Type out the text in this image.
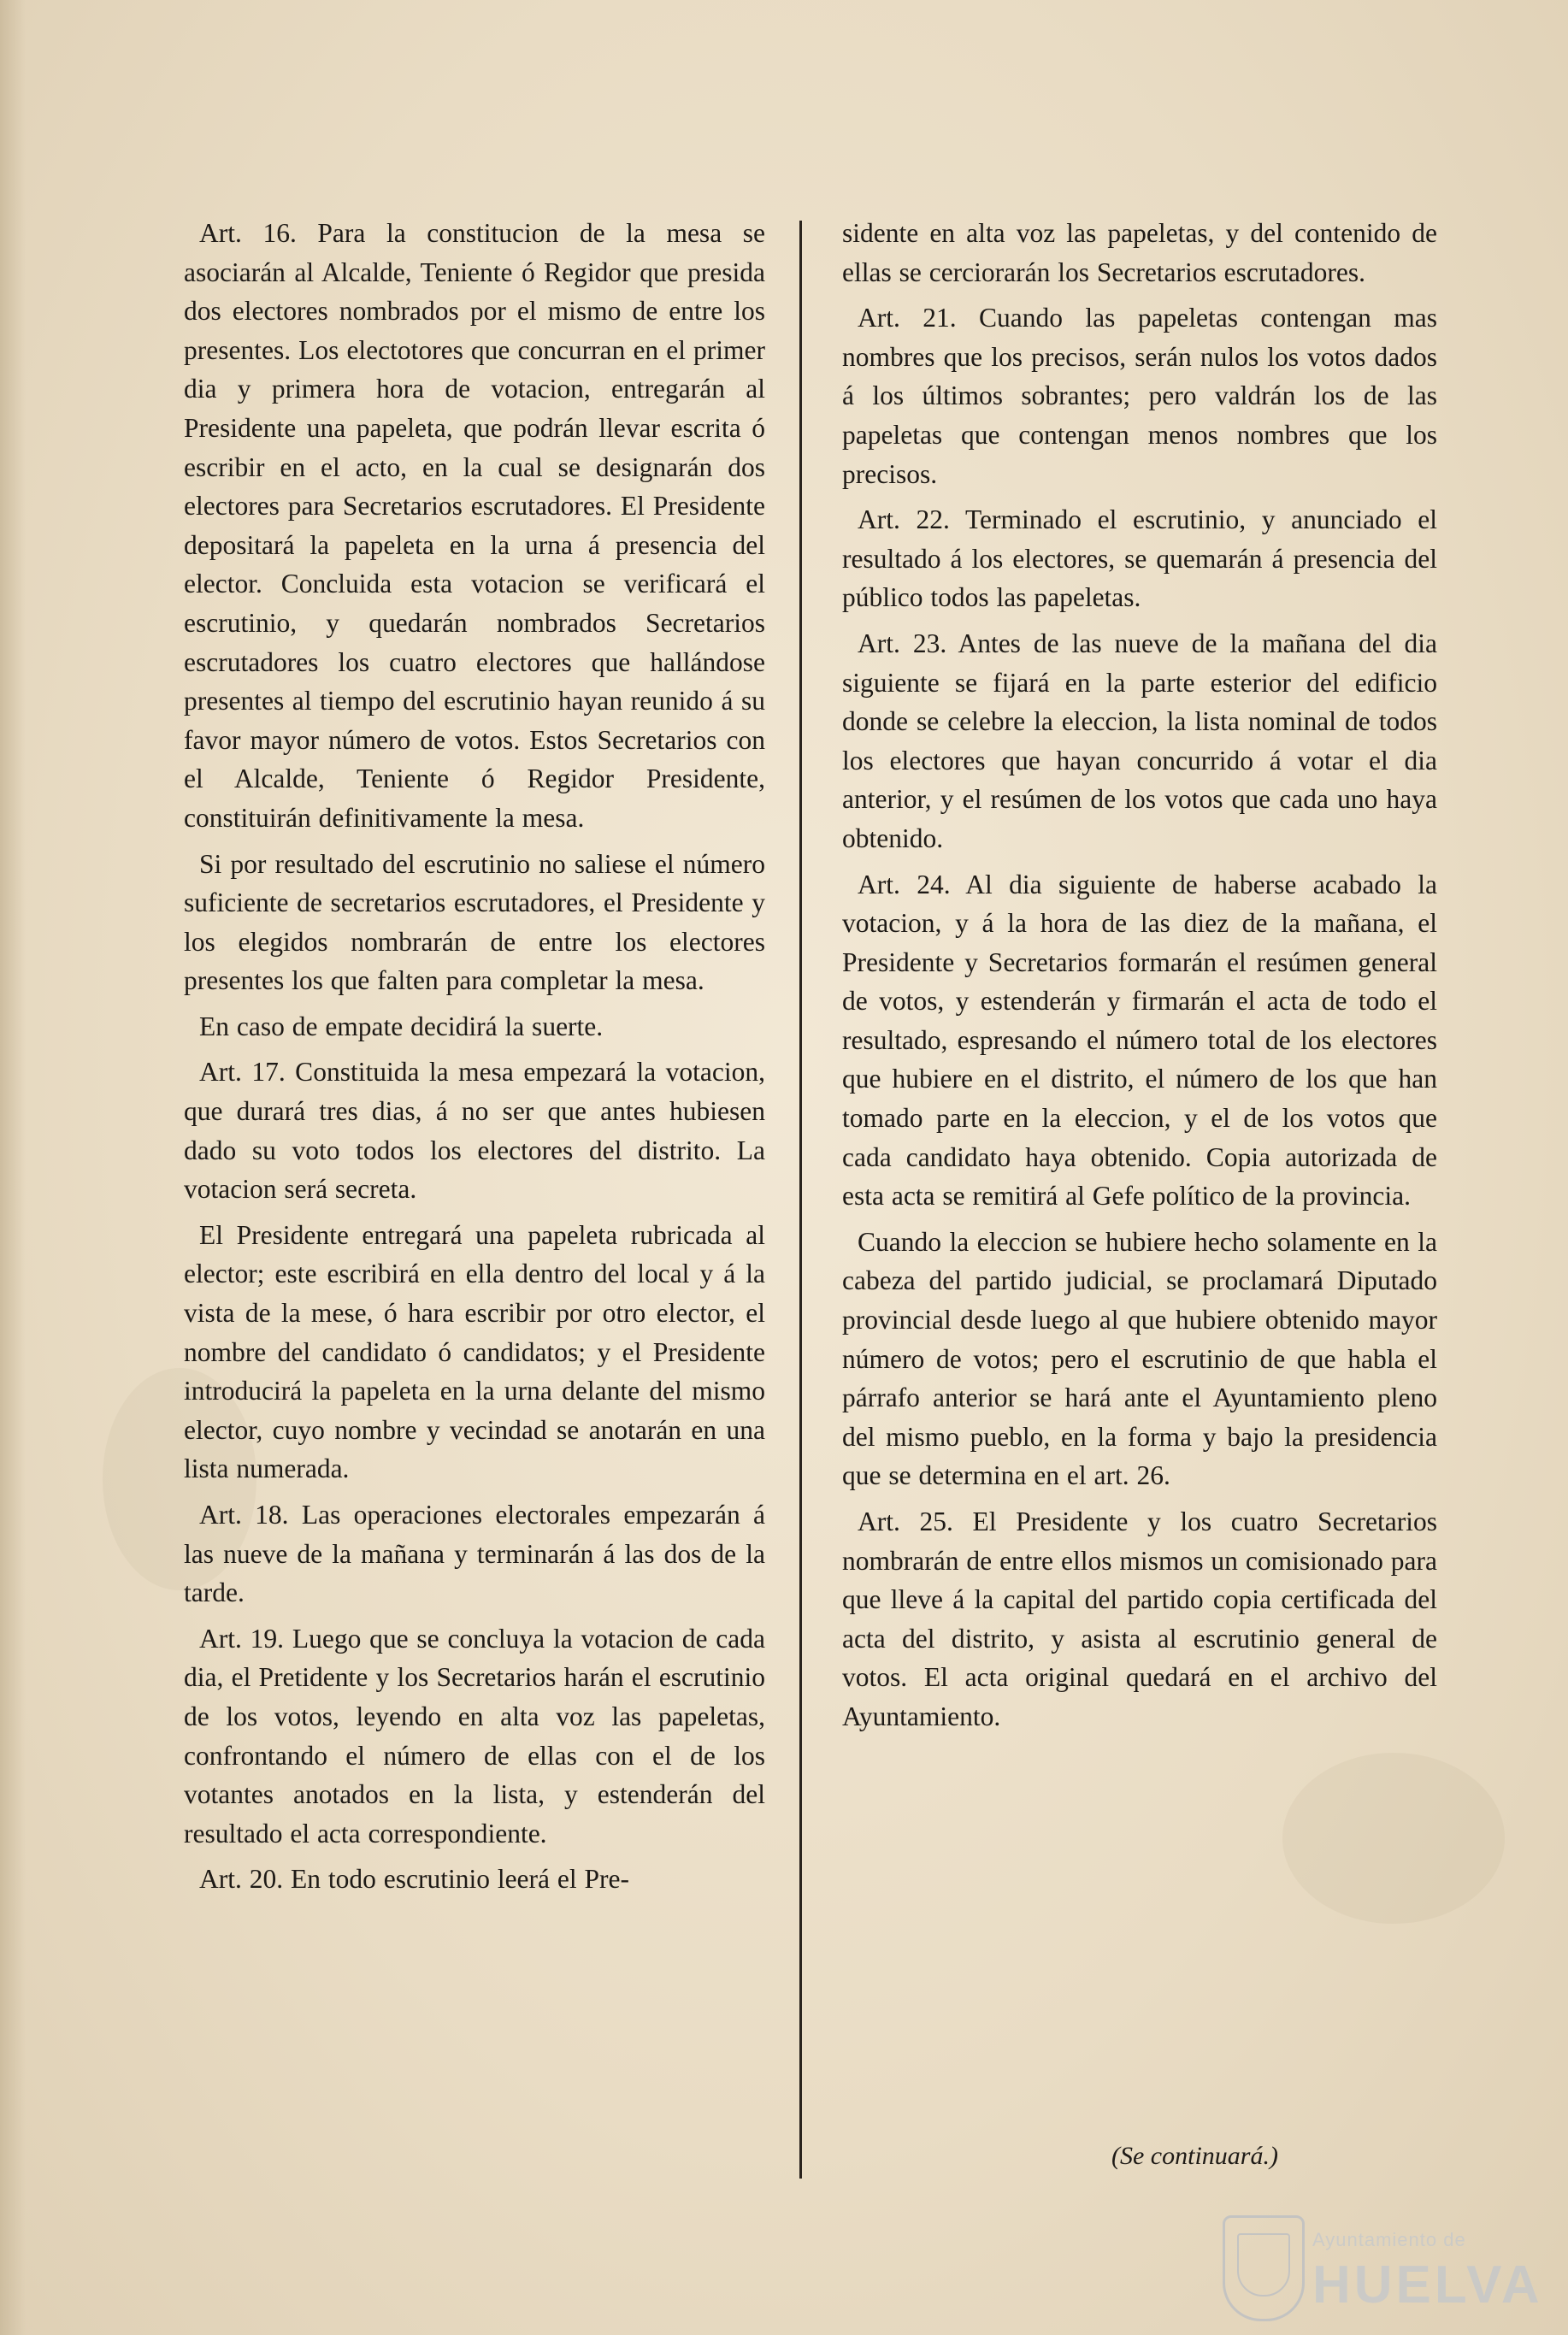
Art. 16. Para la constitucion de la mesa se asociarán al Alcalde, Teniente ó Regidor que presida dos electores nombrados por el mismo de entre los presentes. Los electotores que concurran en el primer dia y primera hora de votacion, entregarán al Presidente una papeleta, que podrán llevar escrita ó escribir en el acto, en la cual se designarán dos electores para Secretarios escrutadores. El Presidente depositará la papeleta en la urna á presencia del elector. Concluida esta votacion se verificará el escrutinio, y quedarán nombrados Secretarios escrutadores los cuatro electores que hallándose presentes al tiempo del escrutinio hayan reunido á su favor mayor número de votos. Estos Secretarios con el Alcalde, Teniente ó Regidor Presidente, constituirán definitivamente la mesa.

Si por resultado del escrutinio no saliese el número suficiente de secretarios escrutadores, el Presidente y los elegidos nombrarán de entre los electores presentes los que falten para completar la mesa.

En caso de empate decidirá la suerte.

Art. 17. Constituida la mesa empezará la votacion, que durará tres dias, á no ser que antes hubiesen dado su voto todos los electores del distrito. La votacion será secreta.

El Presidente entregará una papeleta rubricada al elector; este escribirá en ella dentro del local y á la vista de la mese, ó hara escribir por otro elector, el nombre del candidato ó candidatos; y el Presidente introducirá la papeleta en la urna delante del mismo elector, cuyo nombre y vecindad se anotarán en una lista numerada.

Art. 18. Las operaciones electorales empezarán á las nueve de la mañana y terminarán á las dos de la tarde.

Art. 19. Luego que se concluya la votacion de cada dia, el Pretidente y los Secretarios harán el escrutinio de los votos, leyendo en alta voz las papeletas, confrontando el número de ellas con el de los votantes anotados en la lista, y estenderán del resultado el acta correspondiente.

Art. 20. En todo escrutinio leerá el Pre-

sidente en alta voz las papeletas, y del contenido de ellas se cerciorarán los Secretarios escrutadores.

Art. 21. Cuando las papeletas contengan mas nombres que los precisos, serán nulos los votos dados á los últimos sobrantes; pero valdrán los de las papeletas que contengan menos nombres que los precisos.

Art. 22. Terminado el escrutinio, y anunciado el resultado á los electores, se quemarán á presencia del público todos las papeletas.

Art. 23. Antes de las nueve de la mañana del dia siguiente se fijará en la parte esterior del edificio donde se celebre la eleccion, la lista nominal de todos los electores que hayan concurrido á votar el dia anterior, y el resúmen de los votos que cada uno haya obtenido.

Art. 24. Al dia siguiente de haberse acabado la votacion, y á la hora de las diez de la mañana, el Presidente y Secretarios formarán el resúmen general de votos, y estenderán y firmarán el acta de todo el resultado, espresando el número total de los electores que hubiere en el distrito, el número de los que han tomado parte en la eleccion, y el de los votos que cada candidato haya obtenido. Copia autorizada de esta acta se remitirá al Gefe político de la provincia.

Cuando la eleccion se hubiere hecho solamente en la cabeza del partido judicial, se proclamará Diputado provincial desde luego al que hubiere obtenido mayor número de votos; pero el escrutinio de que habla el párrafo anterior se hará ante el Ayuntamiento pleno del mismo pueblo, en la forma y bajo la presidencia que se determina en el art. 26.

Art. 25. El Presidente y los cuatro Secretarios nombrarán de entre ellos mismos un comisionado para que lleve á la capital del partido copia certificada del acta del distrito, y asista al escrutinio general de votos. El acta original quedará en el archivo del Ayuntamiento.

(Se continuará.)
Ayuntamiento de
HUELVA
